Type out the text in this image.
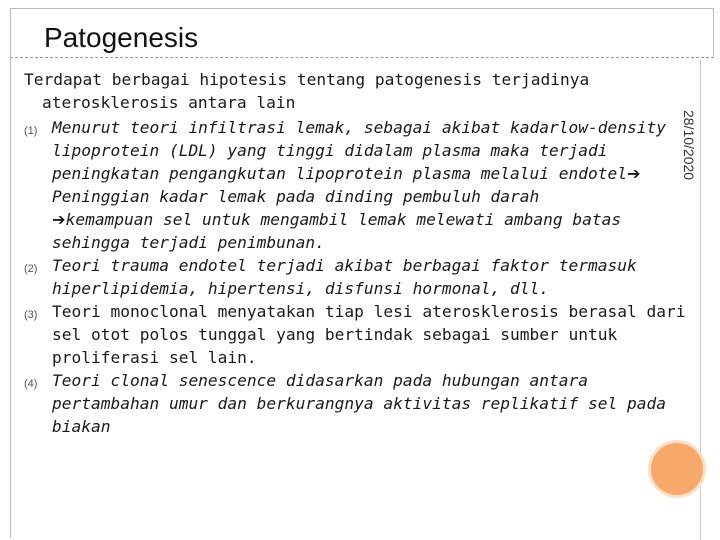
Patogenesis
28/10/2020

Terdapat berbagai hipotesis tentang patogenesis terjadinya
aterosklerosis antara lain

(1) Menurut teori infiltrasi lemak, sebagai akibat kadarlow-density lipoprotein (LDL) yang tinggi didalam plasma maka terjadi peningkatan pengangkutan lipoprotein plasma melalui endotel➔ Peninggian kadar lemak pada dinding pembuluh darah
➔kemampuan sel untuk mengambil lemak melewati ambang batas sehingga terjadi penimbunan.

(2) Teori trauma endotel terjadi akibat berbagai faktor termasuk hiperlipidemia, hipertensi, disfunsi hormonal, dll.

(3) Teori monoclonal menyatakan tiap lesi aterosklerosis berasal dari sel otot polos tunggal yang bertindak sebagai sumber untuk proliferasi sel lain.

(4) Teori clonal senescence didasarkan pada hubungan antara pertambahan umur dan berkurangnya aktivitas replikatif sel pada biakan
